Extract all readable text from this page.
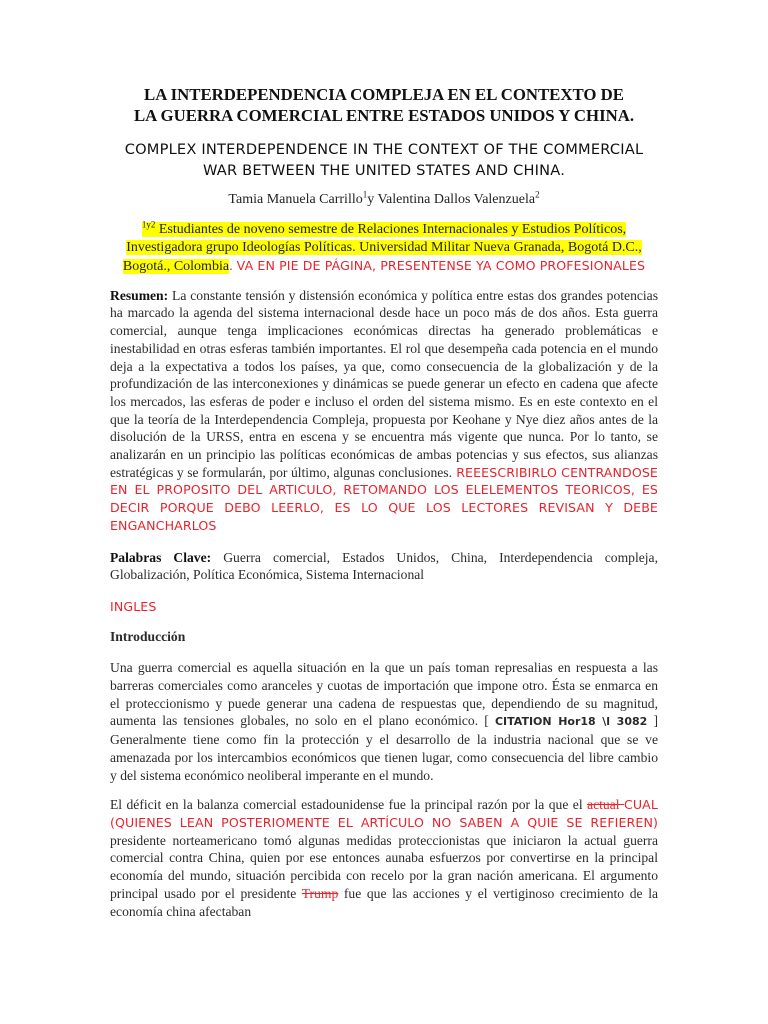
LA INTERDEPENDENCIA COMPLEJA EN EL CONTEXTO DE
LA GUERRA COMERCIAL ENTRE ESTADOS UNIDOS Y CHINA.

COMPLEX INTERDEPENDENCE IN THE CONTEXT OF THE COMMERCIAL
WAR BETWEEN THE UNITED STATES AND CHINA.

Tamia Manuela Carrillo$^1$y Valentina Dallos Valenzuela$^2$

$^{1y2}$ Estudiantes de noveno semestre de Relaciones Internacionales y Estudios Políticos, Investigadora grupo Ideologías Políticas. Universidad Militar Nueva Granada, Bogotá D.C., Bogotá., Colombia. VA EN PIE DE PÁGINA, PRESENTENSE YA COMO PROFESIONALES

Resumen: La constante tensión y distensión económica y política entre estas dos grandes potencias ha marcado la agenda del sistema internacional desde hace un poco más de dos años. Esta guerra comercial, aunque tenga implicaciones económicas directas ha generado problemáticas e inestabilidad en otras esferas también importantes. El rol que desempeña cada potencia en el mundo deja a la expectativa a todos los países, ya que, como consecuencia de la globalización y de la profundización de las interconexiones y dinámicas se puede generar un efecto en cadena que afecte los mercados, las esferas de poder e incluso el orden del sistema mismo. Es en este contexto en el que la teoría de la Interdependencia Compleja, propuesta por Keohane y Nye diez años antes de la disolución de la URSS, entra en escena y se encuentra más vigente que nunca. Por lo tanto, se analizarán en un principio las políticas económicas de ambas potencias y sus efectos, sus alianzas estratégicas y se formularán, por último, algunas conclusiones. REEESCRIBIRLO CENTRANDOSE EN EL PROPOSITO DEL ARTICULO, RETOMANDO LOS ELELEMENTOS TEORICOS, ES DECIR PORQUE DEBO LEERLO, ES LO QUE LOS LECTORES REVISAN Y DEBE ENGANCHARLOS

Palabras Clave: Guerra comercial, Estados Unidos, China, Interdependencia compleja, Globalización, Política Económica, Sistema Internacional

INGLES

Introducción

Una guerra comercial es aquella situación en la que un país toman represalias en respuesta a las barreras comerciales como aranceles y cuotas de importación que impone otro. Ésta se enmarca en el proteccionismo y puede generar una cadena de respuestas que, dependiendo de su magnitud, aumenta las tensiones globales, no solo en el plano económico. [ CITATION Hor18 \l 3082 ] Generalmente tiene como fin la protección y el desarrollo de la industria nacional que se ve amenazada por los intercambios económicos que tienen lugar, como consecuencia del libre cambio y del sistema económico neoliberal imperante en el mundo.

El déficit en la balanza comercial estadounidense fue la principal razón por la que el actual CUAL (QUIENES LEAN POSTERIOMENTE EL ARTÍCULO NO SABEN A QUIE SE REFIEREN) presidente norteamericano tomó algunas medidas proteccionistas que iniciaron la actual guerra comercial contra China, quien por ese entonces aunaba esfuerzos por convertirse en la principal economía del mundo, situación percibida con recelo por la gran nación americana. El argumento principal usado por el presidente Trump fue que las acciones y el vertiginoso crecimiento de la economía china afectaban
